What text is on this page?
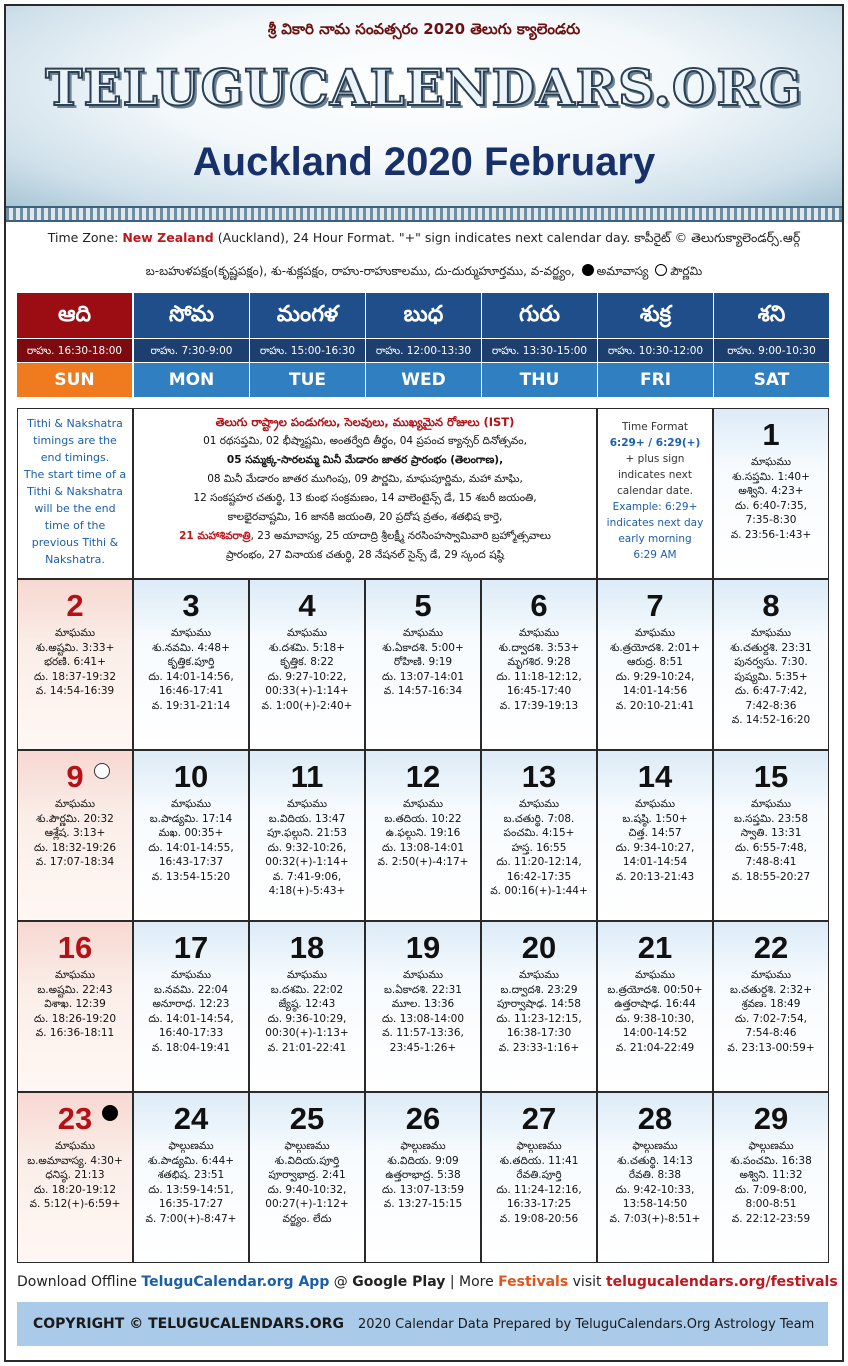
శ్రీ వికారి నామ సంవత్సరం 2020 తెలుగు క్యాలెండరు
TELUGUCALENDARS.ORG
Auckland 2020 February
Time Zone: New Zealand (Auckland), 24 Hour Format. "+" sign indicates next calendar day. కాపీరైట్ © తెలుగుక్యాలెండర్స్.ఆర్గ్
బ-బహుళపక్షం(కృష్ణపక్షం), శు-శుక్లపక్షం, రాహు-రాహుకాలము, దు-దుర్ముహూర్తము, వ-వర్జ్యం, అమావాస్య పౌర్ణమి
ఆది
రాహు. 16:30-18:00
SUN
సోమ
రాహు. 7:30-9:00
MON
మంగళ
రాహు. 15:00-16:30
TUE
బుధ
రాహు. 12:00-13:30
WED
గురు
రాహు. 13:30-15:00
THU
శుక్ర
రాహు. 10:30-12:00
FRI
శని
రాహు. 9:00-10:30
SAT
Tithi & Nakshatra
timings are the
end timings.
The start time of a
Tithi & Nakshatra
will be the end
time of the
previous Tithi &
Nakshatra.
తెలుగు రాష్ట్రాల పండుగలు, సెలవులు, ముఖ్యమైన రోజులు (IST)
01 రథసప్తమి, 02 భీష్మాష్టమి, అంతర్వేది తీర్థం, 04 ప్రపంచ క్యాన్సర్ దినోత్సవం,
05 సమ్మక్క-సారలమ్మ మినీ మేడారం జాతర ప్రారంభం (తెలంగాణ),
08 మినీ మేడారం జాతర ముగింపు, 09 పౌర్ణమి, మాఘపూర్ణిమ, మహా మాఘి,
12 సంకష్టహర చతుర్థి, 13 కుంభ సంక్రమణం, 14 వాలెంటైన్స్ డే, 15 శబరీ జయంతి,
కాలభైరవాష్టమి, 16 జానకి జయంతి, 20 ప్రదోష వ్రతం, శతభిష కార్తె,
21 మహాశివరాత్రి, 23 అమావాస్య, 25 యాదాద్రి శ్రీలక్ష్మీ నరసింహస్వామివారి బ్రహ్మోత్సవాలు
ప్రారంభం, 27 వినాయక చతుర్థి, 28 నేషనల్ సైన్స్ డే, 29 స్కంద షష్ఠి
Time Format
6:29+ / 6:29(+)
+ plus sign
indicates next
calendar date.
Example: 6:29+
indicates next day
early morning
6:29 AM
1
మాఘము
శు.సప్తమి. 1:40+
అశ్విని. 4:23+
దు. 6:40-7:35,
7:35-8:30
వ. 23:56-1:43+
2
మాఘము
శు.అష్టమి. 3:33+
భరణి. 6:41+
దు. 18:37-19:32
వ. 14:54-16:39
3
మాఘము
శు.నవమి. 4:48+
కృత్తిక.పూర్తి
దు. 14:01-14:56,
16:46-17:41
వ. 19:31-21:14
4
మాఘము
శు.దశమి. 5:18+
కృత్తిక. 8:22
దు. 9:27-10:22,
00:33(+)-1:14+
వ. 1:00(+)-2:40+
5
మాఘము
శు.ఏకాదశి. 5:00+
రోహిణి. 9:19
దు. 13:07-14:01
వ. 14:57-16:34
6
మాఘము
శు.ద్వాదశి. 3:53+
మృగశిర. 9:28
దు. 11:18-12:12,
16:45-17:40
వ. 17:39-19:13
7
మాఘము
శు.త్రయోదశి. 2:01+
ఆరుద్ర. 8:51
దు. 9:29-10:24,
14:01-14:56
వ. 20:10-21:41
8
మాఘము
శు.చతుర్దశి. 23:31
పునర్వసు. 7:30.
పుష్యమి. 5:35+
దు. 6:47-7:42,
7:42-8:36
వ. 14:52-16:20
9
మాఘము
శు.పౌర్ణమి. 20:32
ఆశ్లేష. 3:13+
దు. 18:32-19:26
వ. 17:07-18:34
10
మాఘము
బ.పాడ్యమి. 17:14
మఖ. 00:35+
దు. 14:01-14:55,
16:43-17:37
వ. 13:54-15:20
11
మాఘము
బ.విదియ. 13:47
పూ.ఫల్గుని. 21:53
దు. 9:32-10:26,
00:32(+)-1:14+
వ. 7:41-9:06,
4:18(+)-5:43+
12
మాఘము
బ.తదియ. 10:22
ఉ.ఫల్గుని. 19:16
దు. 13:08-14:01
వ. 2:50(+)-4:17+
13
మాఘము
బ.చతుర్థి. 7:08.
పంచమి. 4:15+
హస్త. 16:55
దు. 11:20-12:14,
16:42-17:35
వ. 00:16(+)-1:44+
14
మాఘము
బ.షష్ఠి. 1:50+
చిత్త. 14:57
దు. 9:34-10:27,
14:01-14:54
వ. 20:13-21:43
15
మాఘము
బ.సప్తమి. 23:58
స్వాతి. 13:31
దు. 6:55-7:48,
7:48-8:41
వ. 18:55-20:27
16
మాఘము
బ.అష్టమి. 22:43
విశాఖ. 12:39
దు. 18:26-19:20
వ. 16:36-18:11
17
మాఘము
బ.నవమి. 22:04
అనూరాధ. 12:23
దు. 14:01-14:54,
16:40-17:33
వ. 18:04-19:41
18
మాఘము
బ.దశమి. 22:02
జ్యేష్ఠ. 12:43
దు. 9:36-10:29,
00:30(+)-1:13+
వ. 21:01-22:41
19
మాఘము
బ.ఏకాదశి. 22:31
మూల. 13:36
దు. 13:08-14:00
వ. 11:57-13:36,
23:45-1:26+
20
మాఘము
బ.ద్వాదశి. 23:29
పూర్వాషాఢ. 14:58
దు. 11:23-12:15,
16:38-17:30
వ. 23:33-1:16+
21
మాఘము
బ.త్రయోదశి. 00:50+
ఉత్తరాషాఢ. 16:44
దు. 9:38-10:30,
14:00-14:52
వ. 21:04-22:49
22
మాఘము
బ.చతుర్దశి. 2:32+
శ్రవణ. 18:49
దు. 7:02-7:54,
7:54-8:46
వ. 23:13-00:59+
23
మాఘము
బ.అమావాస్య. 4:30+
ధనిష్ఠ. 21:13
దు. 18:20-19:12
వ. 5:12(+)-6:59+
24
ఫాల్గుణము
శు.పాడ్యమి. 6:44+
శతభిష. 23:51
దు. 13:59-14:51,
16:35-17:27
వ. 7:00(+)-8:47+
25
ఫాల్గుణము
శు.విదియ.పూర్తి
పూర్వాభాద్ర. 2:41
దు. 9:40-10:32,
00:27(+)-1:12+
వర్జ్యం. లేదు
26
ఫాల్గుణము
శు.విదియ. 9:09
ఉత్తరాభాద్ర. 5:38
దు. 13:07-13:59
వ. 13:27-15:15
27
ఫాల్గుణము
శు.తదియ. 11:41
రేవతి.పూర్తి
దు. 11:24-12:16,
16:33-17:25
వ. 19:08-20:56
28
ఫాల్గుణము
శు.చతుర్థి. 14:13
రేవతి. 8:38
దు. 9:42-10:33,
13:58-14:50
వ. 7:03(+)-8:51+
29
ఫాల్గుణము
శు.పంచమి. 16:38
అశ్విని. 11:32
దు. 7:09-8:00,
8:00-8:51
వ. 22:12-23:59
Download Offline TeluguCalendar.org App @ Google Play | More Festivals visit telugucalendars.org/festivals
COPYRIGHT © TELUGUCALENDARS.ORG 2020 Calendar Data Prepared by TeluguCalendars.Org Astrology Team
